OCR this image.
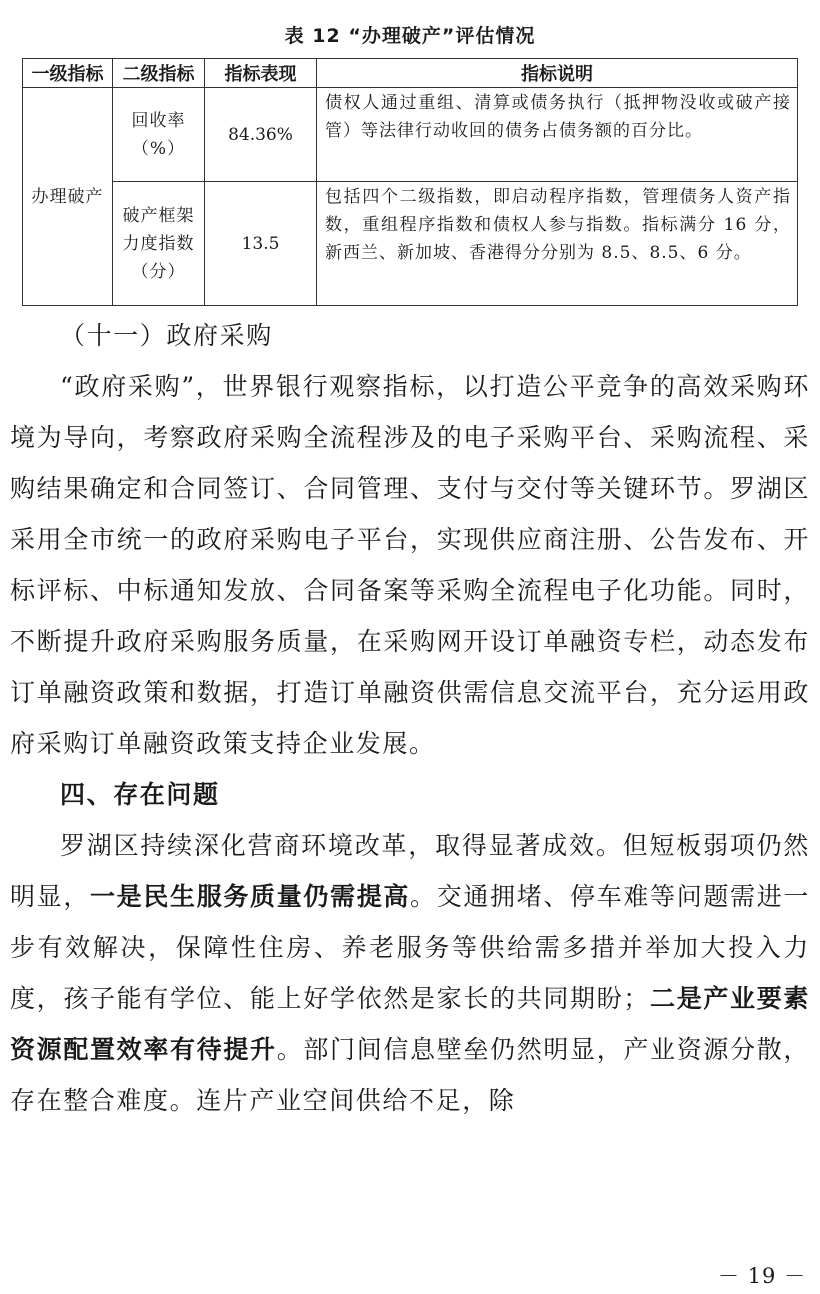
表 12 “办理破产”评估情况
一级指标	二级指标	指标表现	指标说明
办理破产	回收率（%）	84.36%	债权人通过重组、清算或债务执行（抵押物没收或破产接管）等法律行动收回的债务占债务额的百分比。
	破产框架力度指数（分）	13.5	包括四个二级指数，即启动程序指数，管理债务人资产指数，重组程序指数和债权人参与指数。指标满分 16 分，新西兰、新加坡、香港得分分别为 8.5、8.5、6 分。

（十一）政府采购

“政府采购”，世界银行观察指标，以打造公平竞争的高效采购环境为导向，考察政府采购全流程涉及的电子采购平台、采购流程、采购结果确定和合同签订、合同管理、支付与交付等关键环节。罗湖区采用全市统一的政府采购电子平台，实现供应商注册、公告发布、开标评标、中标通知发放、合同备案等采购全流程电子化功能。同时，不断提升政府采购服务质量，在采购网开设订单融资专栏，动态发布订单融资政策和数据，打造订单融资供需信息交流平台，充分运用政府采购订单融资政策支持企业发展。

四、存在问题

罗湖区持续深化营商环境改革，取得显著成效。但短板弱项仍然明显，一是民生服务质量仍需提高。交通拥堵、停车难等问题需进一步有效解决，保障性住房、养老服务等供给需多措并举加大投入力度，孩子能有学位、能上好学依然是家长的共同期盼；二是产业要素资源配置效率有待提升。部门间信息壁垒仍然明显，产业资源分散，存在整合难度。连片产业空间供给不足，除

－ 19 －
